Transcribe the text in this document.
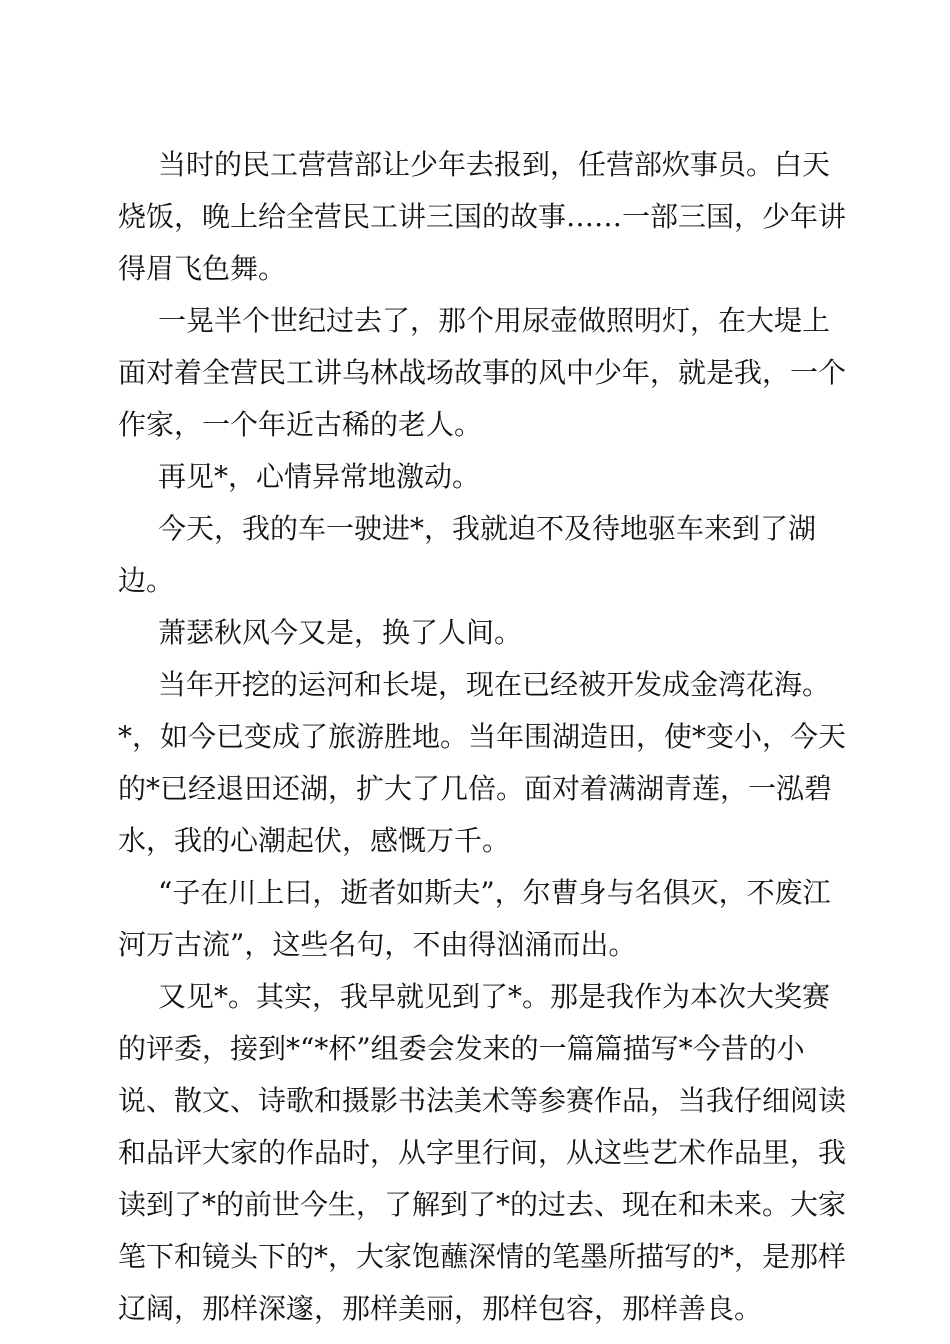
当时的民工营营部让少年去报到，任营部炊事员。白天烧饭，晚上给全营民工讲三国的故事……一部三国，少年讲得眉飞色舞。

一晃半个世纪过去了，那个用尿壶做照明灯，在大堤上面对着全营民工讲乌林战场故事的风中少年，就是我，一个作家，一个年近古稀的老人。

再见*，心情异常地激动。

今天，我的车一驶进*，我就迫不及待地驱车来到了湖边。

萧瑟秋风今又是，换了人间。

当年开挖的运河和长堤，现在已经被开发成金湾花海。*，如今已变成了旅游胜地。当年围湖造田，使*变小，今天的*已经退田还湖，扩大了几倍。面对着满湖青莲，一泓碧水，我的心潮起伏，感慨万千。

“子在川上曰，逝者如斯夫”，尔曹身与名俱灭，不废江河万古流”，这些名句，不由得汹涌而出。

又见*。其实，我早就见到了*。那是我作为本次大奖赛的评委，接到*“*杯”组委会发来的一篇篇描写*今昔的小说、散文、诗歌和摄影书法美术等参赛作品，当我仔细阅读和品评大家的作品时，从字里行间，从这些艺术作品里，我读到了*的前世今生，了解到了*的过去、现在和未来。大家笔下和镜头下的*，大家饱蘸深情的笔墨所描写的*，是那样辽阔，那样深邃，那样美丽，那样包容，那样善良。
